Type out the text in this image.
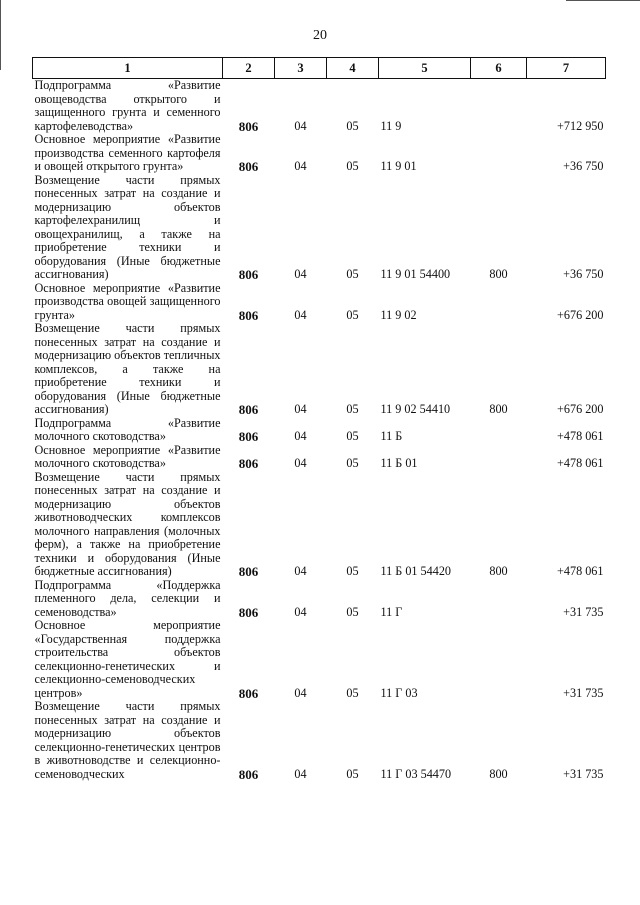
20
1	2	3	4	5	6	7
Подпрограмма «Развитие овощеводства открытого и защищенного грунта и семенного картофелеводства»	806	04	05	11 9		+712 950
Основное мероприятие «Развитие производства семенного картофеля и овощей открытого грунта»	806	04	05	11 9 01		+36 750
Возмещение части прямых понесенных затрат на создание и модернизацию объектов картофелехранилищ и овощехранилищ, а также на приобретение техники и оборудования (Иные бюджетные ассигнования)	806	04	05	11 9 01 54400	800	+36 750
Основное мероприятие «Развитие производства овощей защищенного грунта»	806	04	05	11 9 02		+676 200
Возмещение части прямых понесенных затрат на создание и модернизацию объектов тепличных комплексов, а также на приобретение техники и оборудования (Иные бюджетные ассигнования)	806	04	05	11 9 02 54410	800	+676 200
Подпрограмма «Развитие молочного скотоводства»	806	04	05	11 Б		+478 061
Основное мероприятие «Развитие молочного скотоводства»	806	04	05	11 Б 01		+478 061
Возмещение части прямых понесенных затрат на создание и модернизацию объектов животноводческих комплексов молочного направления (молочных ферм), а также на приобретение техники и оборудования (Иные бюджетные ассигнования)	806	04	05	11 Б 01 54420	800	+478 061
Подпрограмма «Поддержка племенного дела, селекции и семеноводства»	806	04	05	11 Г		+31 735
Основное мероприятие «Государственная поддержка строительства объектов селекционно-генетических и селекционно-семеноводческих центров»	806	04	05	11 Г 03		+31 735
Возмещение части прямых понесенных затрат на создание и модернизацию объектов селекционно-генетических центров в животноводстве и селекционно-семеноводческих	806	04	05	11 Г 03 54470	800	+31 735
